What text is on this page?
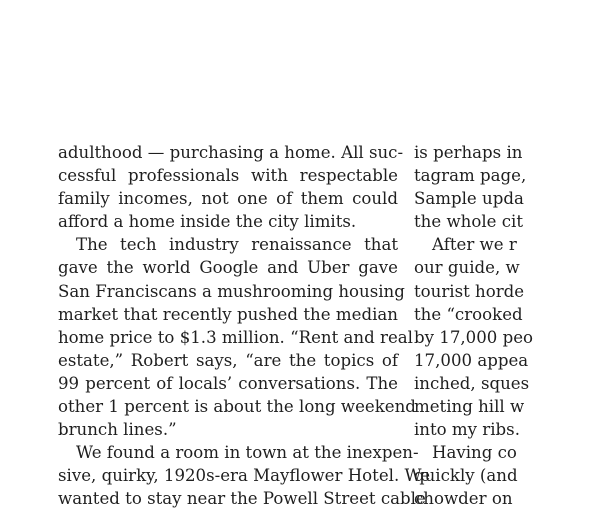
adulthood — purchasing a home. All suc-
cessful professionals with respectable
family incomes, not one of them could
afford a home inside the city limits.
The tech industry renaissance that
gave the world Google and Uber gave
San Franciscans a mushrooming housing
market that recently pushed the median
home price to $1.3 million. “Rent and real
estate,” Robert says, “are the topics of
99 percent of locals’ conversations. The
other 1 percent is about the long weekend
brunch lines.”
We found a room in town at the inexpen-
sive, quirky, 1920s-era Mayflower Hotel. We
wanted to stay near the Powell Street cable
is perhaps in
tagram page,
Sample upda
the whole cit
After we r
our guide, w
tourist horde
the “crooked
by 17,000 peo
17,000 appea
inched, sques
meting hill w
into my ribs.
Having co
quickly (and
chowder on
